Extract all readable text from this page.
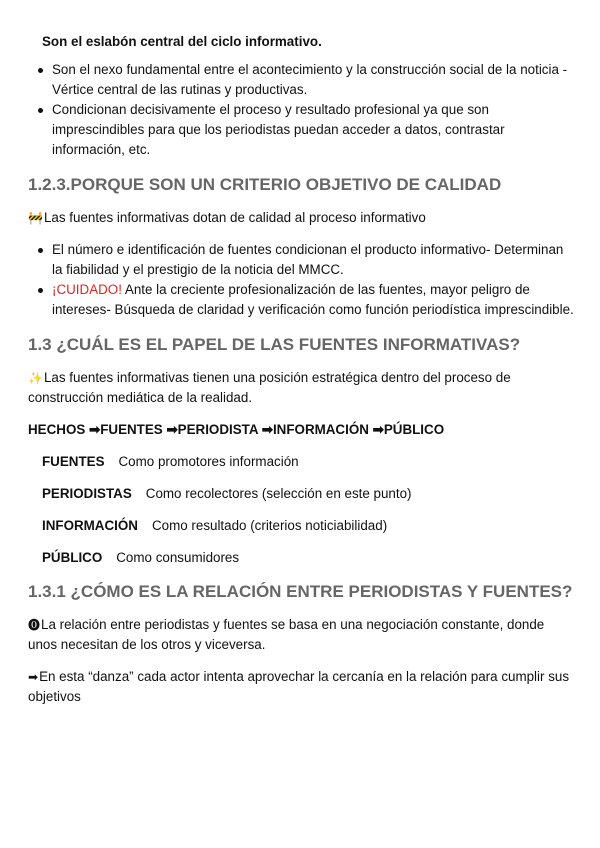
Son el eslabón central del ciclo informativo.
Son el nexo fundamental entre el acontecimiento y la construcción social de la noticia - Vértice central de las rutinas y productivas.
Condicionan decisivamente el proceso y resultado profesional ya que son imprescindibles para que los periodistas puedan acceder a datos, contrastar información, etc.
1.2.3.PORQUE SON UN CRITERIO OBJETIVO DE CALIDAD
🚧Las fuentes informativas dotan de calidad al proceso informativo
El número e identificación de fuentes condicionan el producto informativo- Determinan la fiabilidad y el prestigio de la noticia del MMCC.
¡CUIDADO! Ante la creciente profesionalización de las fuentes, mayor peligro de intereses- Búsqueda de claridad y verificación como función periodística imprescindible.
1.3 ¿CUÁL ES EL PAPEL DE LAS FUENTES INFORMATIVAS?
✨Las fuentes informativas tienen una posición estratégica dentro del proceso de construcción mediática de la realidad.
HECHOS ➡FUENTES ➡PERIODISTA ➡INFORMACIÓN ➡PÚBLICO
FUENTES Como promotores información
PERIODISTAS Como recolectores (selección en este punto)
INFORMACIÓN Como resultado (criterios noticiabilidad)
PÚBLICO Como consumidores
1.3.1 ¿CÓMO ES LA RELACIÓN ENTRE PERIODISTAS Y FUENTES?
⓿La relación entre periodistas y fuentes se basa en una negociación constante, donde unos necesitan de los otros y viceversa.
➡En esta “danza” cada actor intenta aprovechar la cercanía en la relación para cumplir sus objetivos
